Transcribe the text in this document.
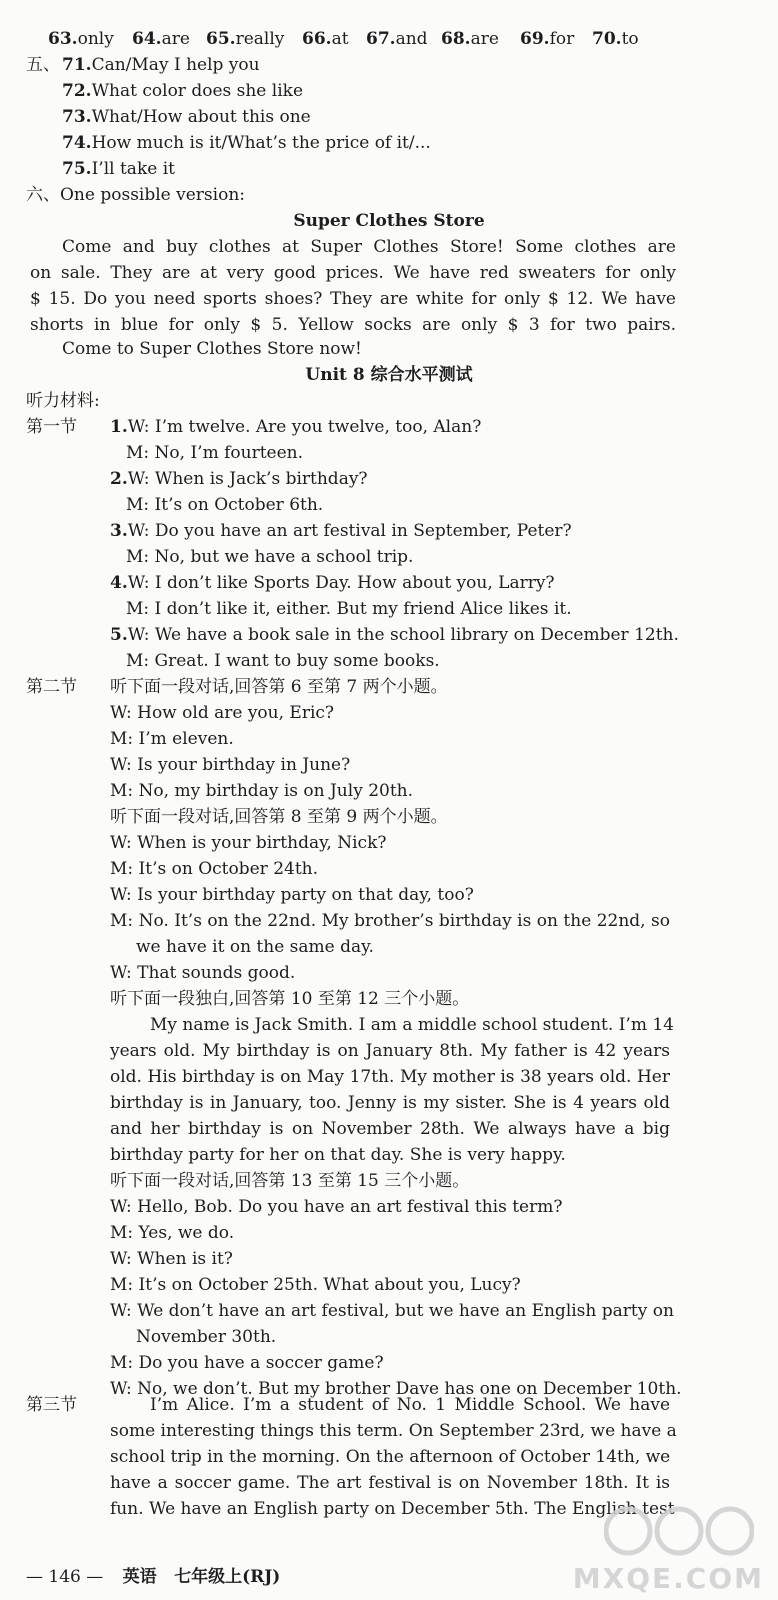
63.only 64.are 65.really 66.at 67.and 68.are 69.for 70.to
五、 71.Can/May I help you
72.What color does she like
73.What/How about this one
74.How much is it/What’s the price of it/...
75.I’ll take it
六、One possible version:
Super Clothes Store
Come and buy clothes at Super Clothes Store! Some clothes are
on sale. They are at very good prices. We have red sweaters for only
$ 15. Do you need sports shoes? They are white for only $ 12. We have
shorts in blue for only $ 5. Yellow socks are only $ 3 for two pairs.
Come to Super Clothes Store now!
Unit 8 综合水平测试
听力材料:
第一节 1.W: I’m twelve. Are you twelve, too, Alan?
M: No, I’m fourteen.
2.W: When is Jack’s birthday?
M: It’s on October 6th.
3.W: Do you have an art festival in September, Peter?
M: No, but we have a school trip.
4.W: I don’t like Sports Day. How about you, Larry?
M: I don’t like it, either. But my friend Alice likes it.
5.W: We have a book sale in the school library on December 12th.
M: Great. I want to buy some books.
第二节 听下面一段对话,回答第 6 至第 7 两个小题。
W: How old are you, Eric?
M: I’m eleven.
W: Is your birthday in June?
M: No, my birthday is on July 20th.
听下面一段对话,回答第 8 至第 9 两个小题。
W: When is your birthday, Nick?
M: It’s on October 24th.
W: Is your birthday party on that day, too?
M: No. It’s on the 22nd. My brother’s birthday is on the 22nd, so
we have it on the same day.
W: That sounds good.
听下面一段独白,回答第 10 至第 12 三个小题。
My name is Jack Smith. I am a middle school student. I’m 14
years old. My birthday is on January 8th. My father is 42 years
old. His birthday is on May 17th. My mother is 38 years old. Her
birthday is in January, too. Jenny is my sister. She is 4 years old
and her birthday is on November 28th. We always have a big
birthday party for her on that day. She is very happy.
听下面一段对话,回答第 13 至第 15 三个小题。
W: Hello, Bob. Do you have an art festival this term?
M: Yes, we do.
W: When is it?
M: It’s on October 25th. What about you, Lucy?
W: We don’t have an art festival, but we have an English party on
November 30th.
M: Do you have a soccer game?
W: No, we don’t. But my brother Dave has one on December 10th.
第三节	I’m Alice. I’m a student of No. 1 Middle School. We have
some interesting things this term. On September 23rd, we have a
school trip in the morning. On the afternoon of October 14th, we
have a soccer game. The art festival is on November 18th. It is
fun. We have an English party on December 5th. The English test
— 146 — 英语 七年级上(RJ)	MXQE.COM
